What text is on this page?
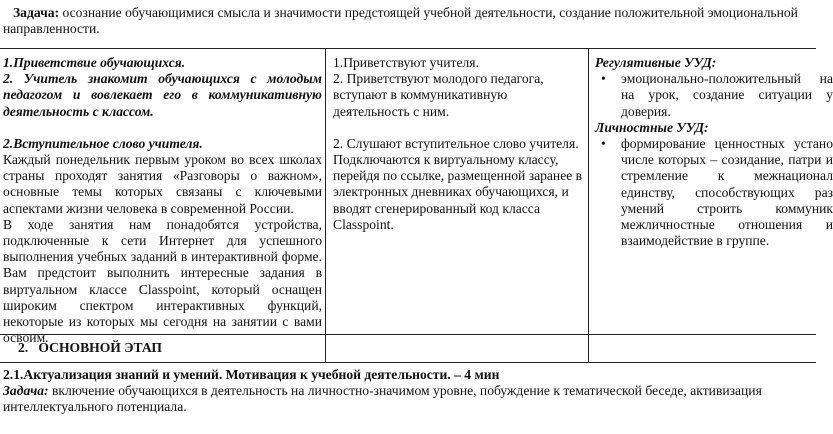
Задача: осознание обучающимися смысла и значимости предстоящей учебной деятельности, создание положительной эмоциональной направленности.

1.Приветствие обучающихся.

2. Учитель знакомит обучающихся с молодым педагогом и вовлекает его в коммуникативную деятельность с классом.

2.Вступительное слово учителя.

Каждый понедельник первым уроком во всех школах страны проходят занятия «Разговоры о важном», основные темы которых связаны с ключевыми аспектами жизни человека в современной России.

В ходе занятия нам понадобятся устройства, подключенные к сети Интернет для успешного выполнения учебных заданий в интерактивной форме. Вам предстоит выполнить интересные задания в виртуальном классе Classpoint, который оснащен широким спектром интерактивных функций, некоторые из которых мы сегодня на занятии с вами освоим.

1.Приветствуют учителя.

2. Приветствуют молодого педагога, вступают в коммуникативную деятельность с ним.

2. Слушают вступительное слово учителя. Подключаются к виртуальному классу, перейдя по ссылке, размещенной заранее в электронных дневниках обучающихся, и вводят сгенерированный код класса Classpoint.

Регулятивные УУД:

• эмоционально-положительный на на урок, создание ситуации у доверия.

Личностные УУД:

• формирование ценностных устано числе которых – созидание, патри и стремление к межнационал единству, способствующих раз умений строить коммуник межличностные отношения и взаимодействие в группе.

2.   ОСНОВНОЙ ЭТАП

2.1.Актуализация знаний и умений. Мотивация к учебной деятельности. – 4 мин

Задача: включение обучающихся в деятельность на личностно-значимом уровне, побуждение к тематической беседе, активизация интеллектуального потенциала.
